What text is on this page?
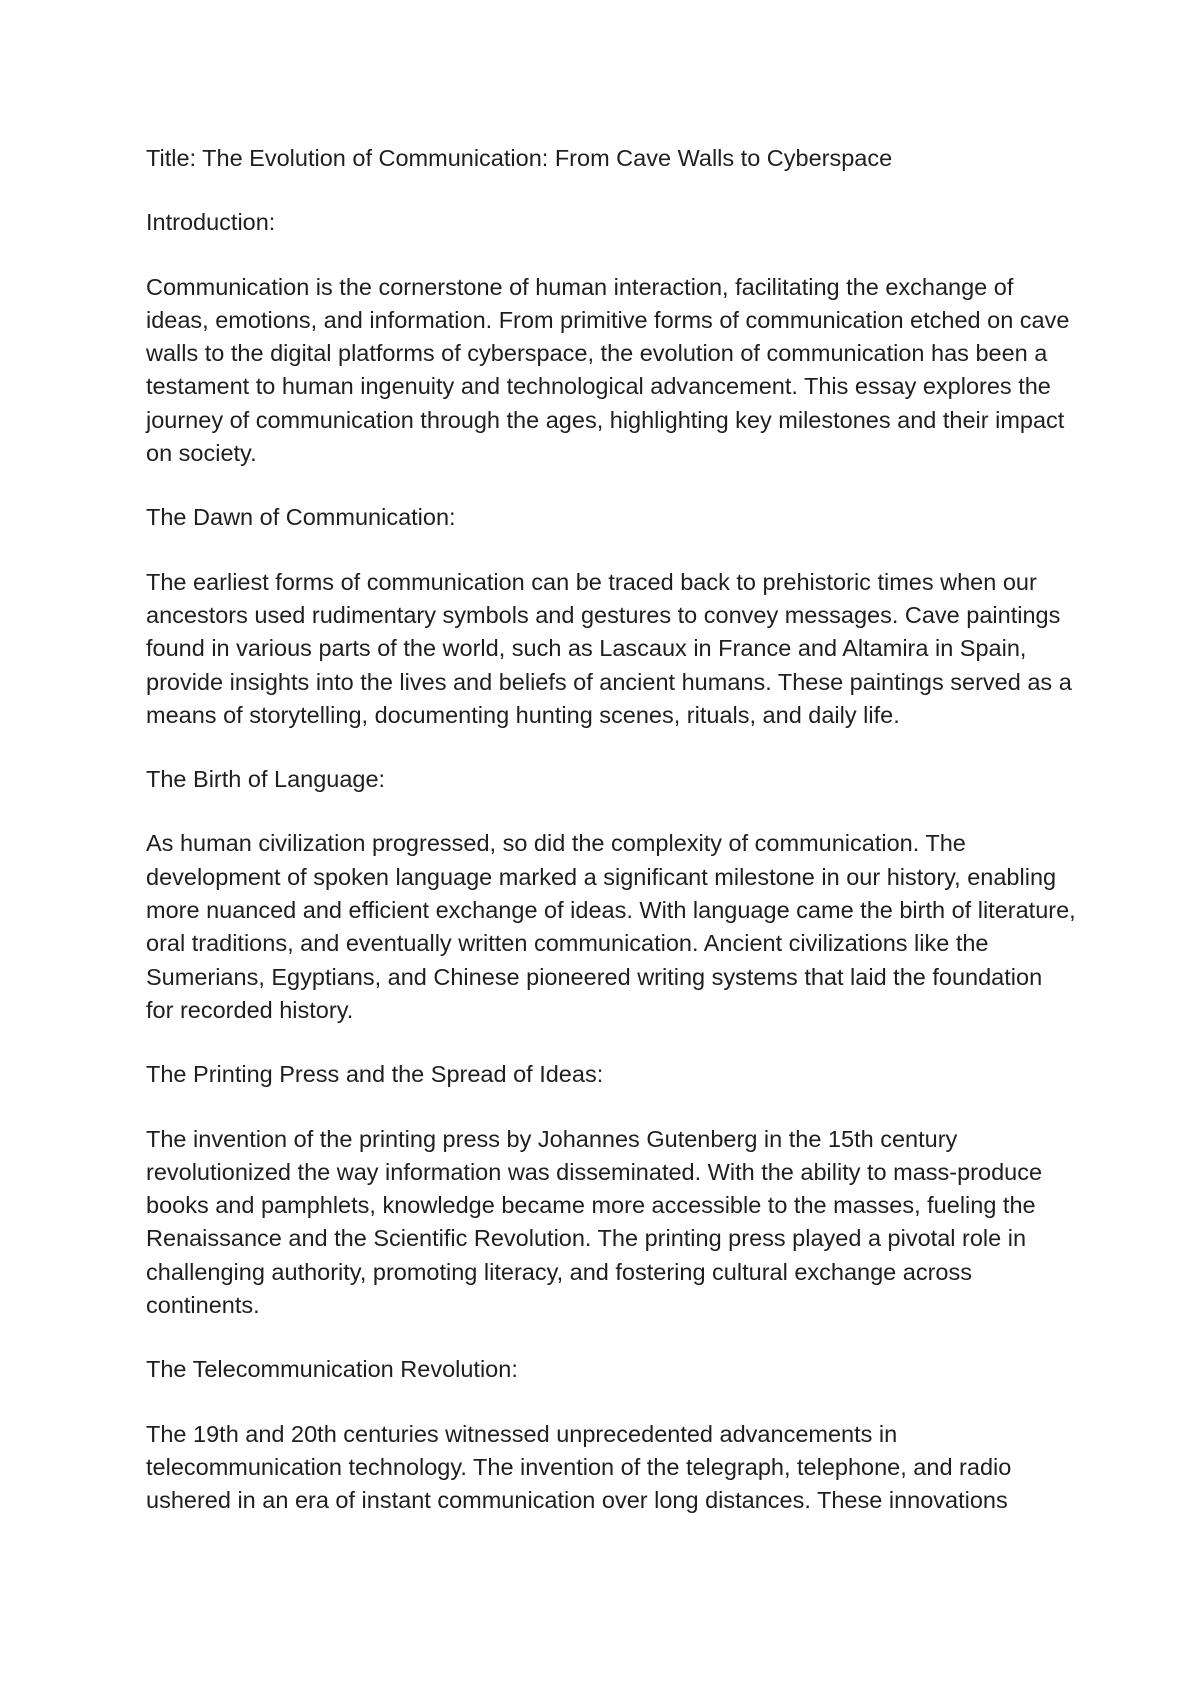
Title: The Evolution of Communication: From Cave Walls to Cyberspace

Introduction:

Communication is the cornerstone of human interaction, facilitating the exchange of ideas, emotions, and information. From primitive forms of communication etched on cave walls to the digital platforms of cyberspace, the evolution of communication has been a testament to human ingenuity and technological advancement. This essay explores the journey of communication through the ages, highlighting key milestones and their impact on society.

The Dawn of Communication:

The earliest forms of communication can be traced back to prehistoric times when our ancestors used rudimentary symbols and gestures to convey messages. Cave paintings found in various parts of the world, such as Lascaux in France and Altamira in Spain, provide insights into the lives and beliefs of ancient humans. These paintings served as a means of storytelling, documenting hunting scenes, rituals, and daily life.

The Birth of Language:

As human civilization progressed, so did the complexity of communication. The development of spoken language marked a significant milestone in our history, enabling more nuanced and efficient exchange of ideas. With language came the birth of literature, oral traditions, and eventually written communication. Ancient civilizations like the Sumerians, Egyptians, and Chinese pioneered writing systems that laid the foundation for recorded history.

The Printing Press and the Spread of Ideas:

The invention of the printing press by Johannes Gutenberg in the 15th century revolutionized the way information was disseminated. With the ability to mass-produce books and pamphlets, knowledge became more accessible to the masses, fueling the Renaissance and the Scientific Revolution. The printing press played a pivotal role in challenging authority, promoting literacy, and fostering cultural exchange across continents.

The Telecommunication Revolution:

The 19th and 20th centuries witnessed unprecedented advancements in telecommunication technology. The invention of the telegraph, telephone, and radio ushered in an era of instant communication over long distances. These innovations
